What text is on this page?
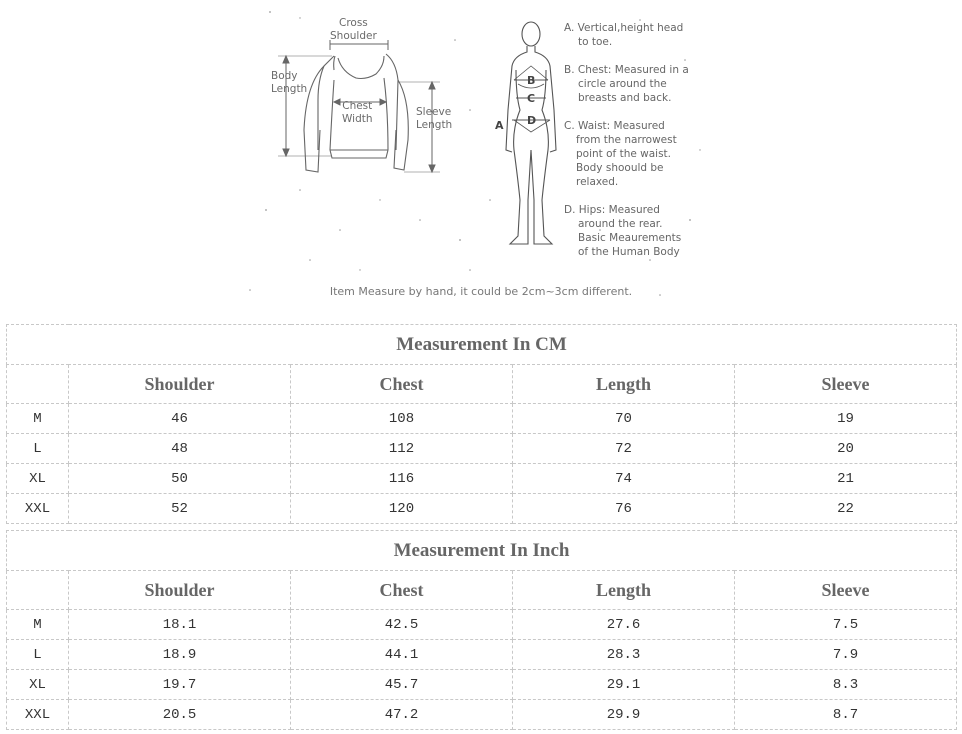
Cross
Shoulder
Body
Length
Chest
Width
Sleeve
Length	A
B
C
D
A. Vertical,height head
to toe.
B. Chest: Measured in a
circle around the
breasts and back.
C. Waist: Measured
from the narrowest
point of the waist.
Body shoould be
relaxed.
D. Hips: Measured
around the rear.
Basic Meaurements
of the Human Body
Item Measure by hand, it could be 2cm~3cm different.
Measurement In CM				
	Shoulder	Chest	Length	Sleeve
M	46	108	70	19
L	48	112	72	20
XL	50	116	74	21
XXL	52	120	76	22
Measurement In Inch				
	Shoulder	Chest	Length	Sleeve
M	18.1	42.5	27.6	7.5
L	18.9	44.1	28.3	7.9
XL	19.7	45.7	29.1	8.3
XXL	20.5	47.2	29.9	8.7
